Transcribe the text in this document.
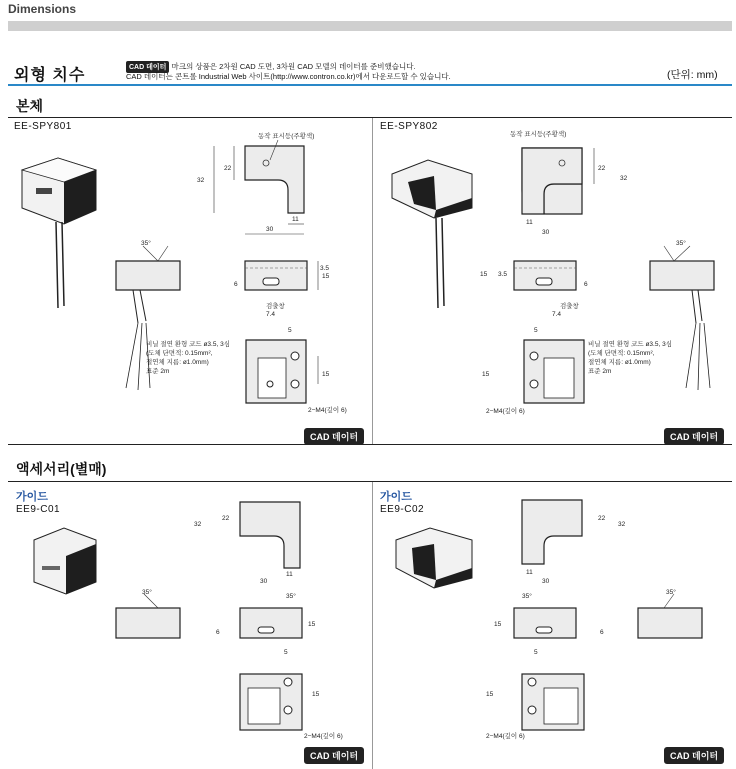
Dimensions
외형 치수	CAD 데이터 마크의 상품은 2차원 CAD 도면, 3차원 CAD 모델의 데이터를 준비했습니다.
CAD 데이터는 콘트롤 Industrial Web 사이트(http://www.contron.co.kr)에서 다운로드할 수 있습니다.	(단위: mm)
본체
EE-SPY801	EE-SPY802
동작 표시등(주황색)
22
32
11
30
35°
15
3.5
6
검출창
7.4
15
5
2−M4(깊이 6)
비닐 절연 환형 코드 ø3.5, 3심
(도체 단면적: 0.15mm²,
절연체 지름: ø1.0mm)
표준 2m
CAD 데이터
동작 표시등(주황색)
22
32
11
30
3.5
15
6
검출창
7.4
35°
15
5
2−M4(깊이 6)
비닐 절연 환형 코드 ø3.5, 3심
(도체 단면적: 0.15mm²,
절연체 지름: ø1.0mm)
표준 2m
CAD 데이터
액세서리(별매)
가이드
EE9-C01
가이드
EE9-C02
22
32
11
30
35°
15
6
35°
15
5
2−M4(깊이 6)
CAD 데이터
22
32
11
30
15
6
35°
35°
15
5
2−M4(깊이 6)
CAD 데이터
